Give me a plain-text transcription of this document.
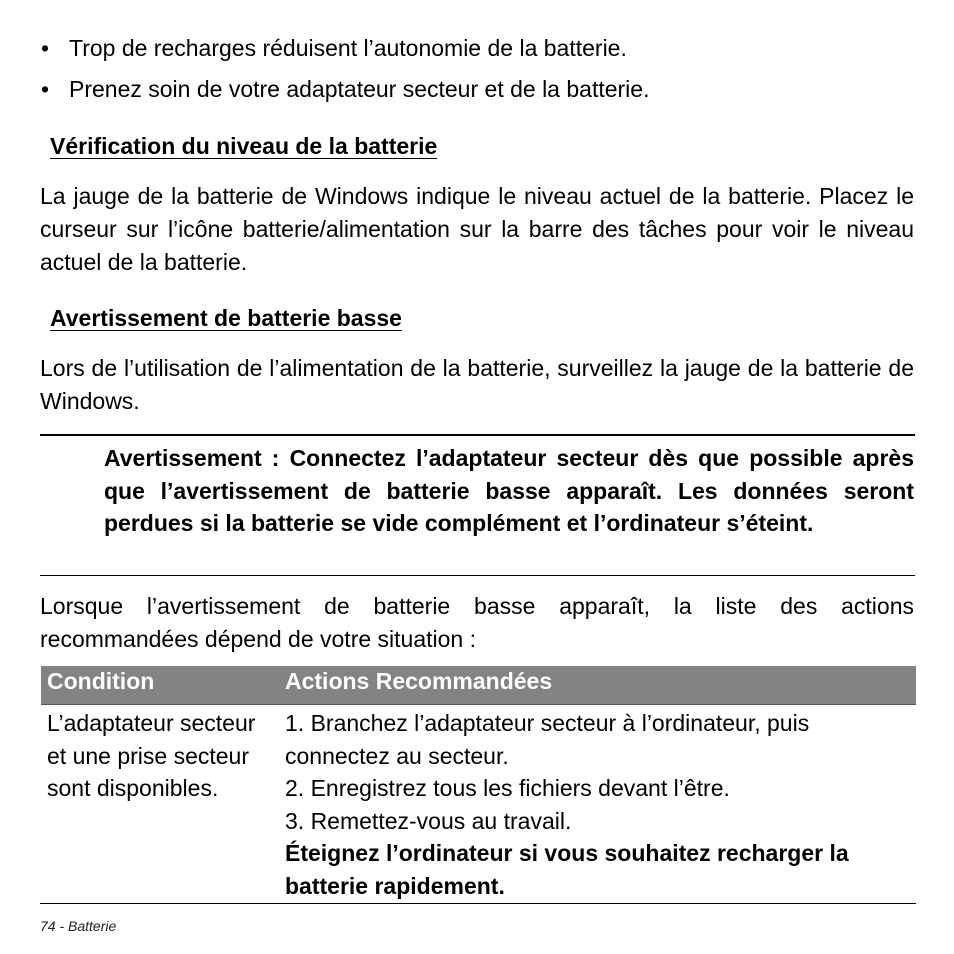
• Trop de recharges réduisent l’autonomie de la batterie.
• Prenez soin de votre adaptateur secteur et de la batterie.
Vérification du niveau de la batterie

La jauge de la batterie de Windows indique le niveau actuel de la batterie. Placez le curseur sur l’icône batterie/alimentation sur la barre des tâches pour voir le niveau actuel de la batterie.

Avertissement de batterie basse

Lors de l’utilisation de l’alimentation de la batterie, surveillez la jauge de la batterie de Windows.

Avertissement : Connectez l’adaptateur secteur dès que possible après que l’avertissement de batterie basse apparaît. Les données seront perdues si la batterie se vide complément et l’ordinateur s’éteint.

Lorsque l’avertissement de batterie basse apparaît, la liste des actions recommandées dépend de votre situation :

Condition	Actions Recommandées
L’adaptateur secteur et une prise secteur sont disponibles.	1. Branchez l’adaptateur secteur à l’ordinateur, puis connectez au secteur.
2. Enregistrez tous les fichiers devant l’être.
3. Remettez-vous au travail.
Éteignez l’ordinateur si vous souhaitez recharger la batterie rapidement.
74 - Batterie
